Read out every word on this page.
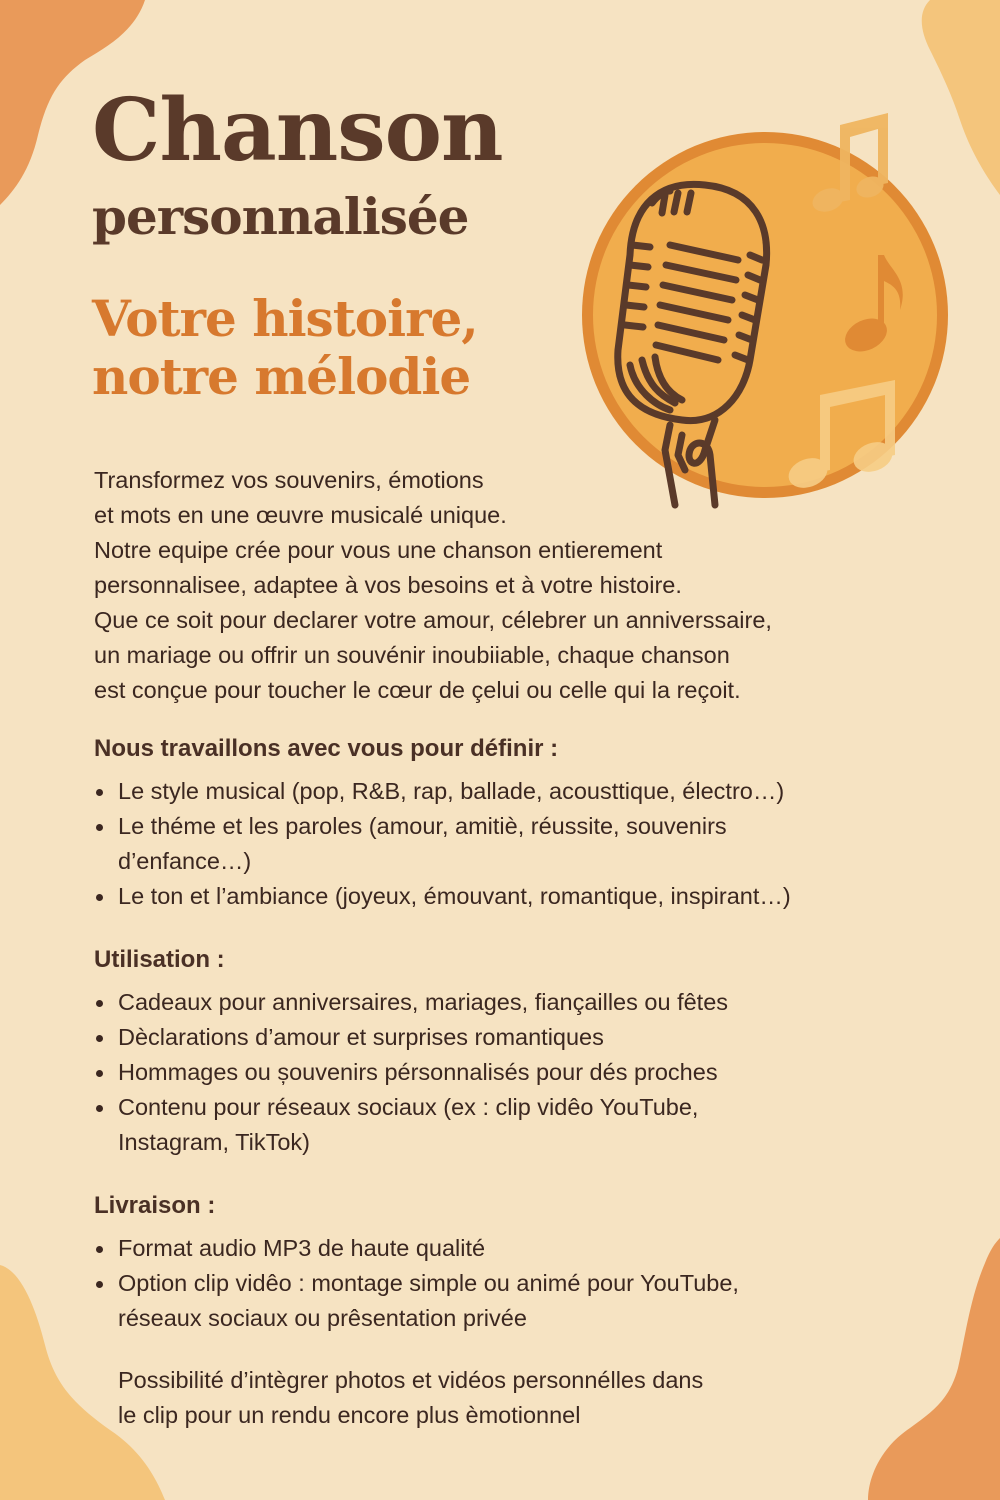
Chanson
personnalisée
Votre histoire,
notre mélodie
Transformez vos souvenirs, émotions
et mots en une œuvre musicalé unique.
Notre equipe crée pour vous une chanson entierement
personnalisee, adaptee à vos besoins et à votre histoire.
Que ce soit pour declarer votre amour, célebrer un anniverssaire,
un mariage ou offrir un souvénir inoubiiable, chaque chanson
est conçue pour toucher le cœur de çelui ou celle qui la reçoit.
Nous travaillons avec vous pour définir :
Le style musical (pop, R&B, rap, ballade, acousttique, électro…)
Le théme et les paroles (amour, amitiè, réussite, souvenirs
d’enfance…)
Le ton et l’ambiance (joyeux, émouvant, romantique, inspirant…)
Utilisation :
Cadeaux pour anniversaires, mariages, fiançailles ou fêtes
Dèclarations d’amour et surprises romantiques
Hommages ou șouvenirs pérsonnalisés pour dés proches
Contenu pour réseaux sociaux (ex : clip vidêo YouTube,
Instagram, TikTok)
Livraison :
Format audio MP3 de haute qualité
Option clip vidêo : montage simple ou animé pour YouTube,
réseaux sociaux ou prêsentation privée
Possibilité d’intègrer photos et vidéos personnélles dans
le clip pour un rendu encore plus èmotionnel
